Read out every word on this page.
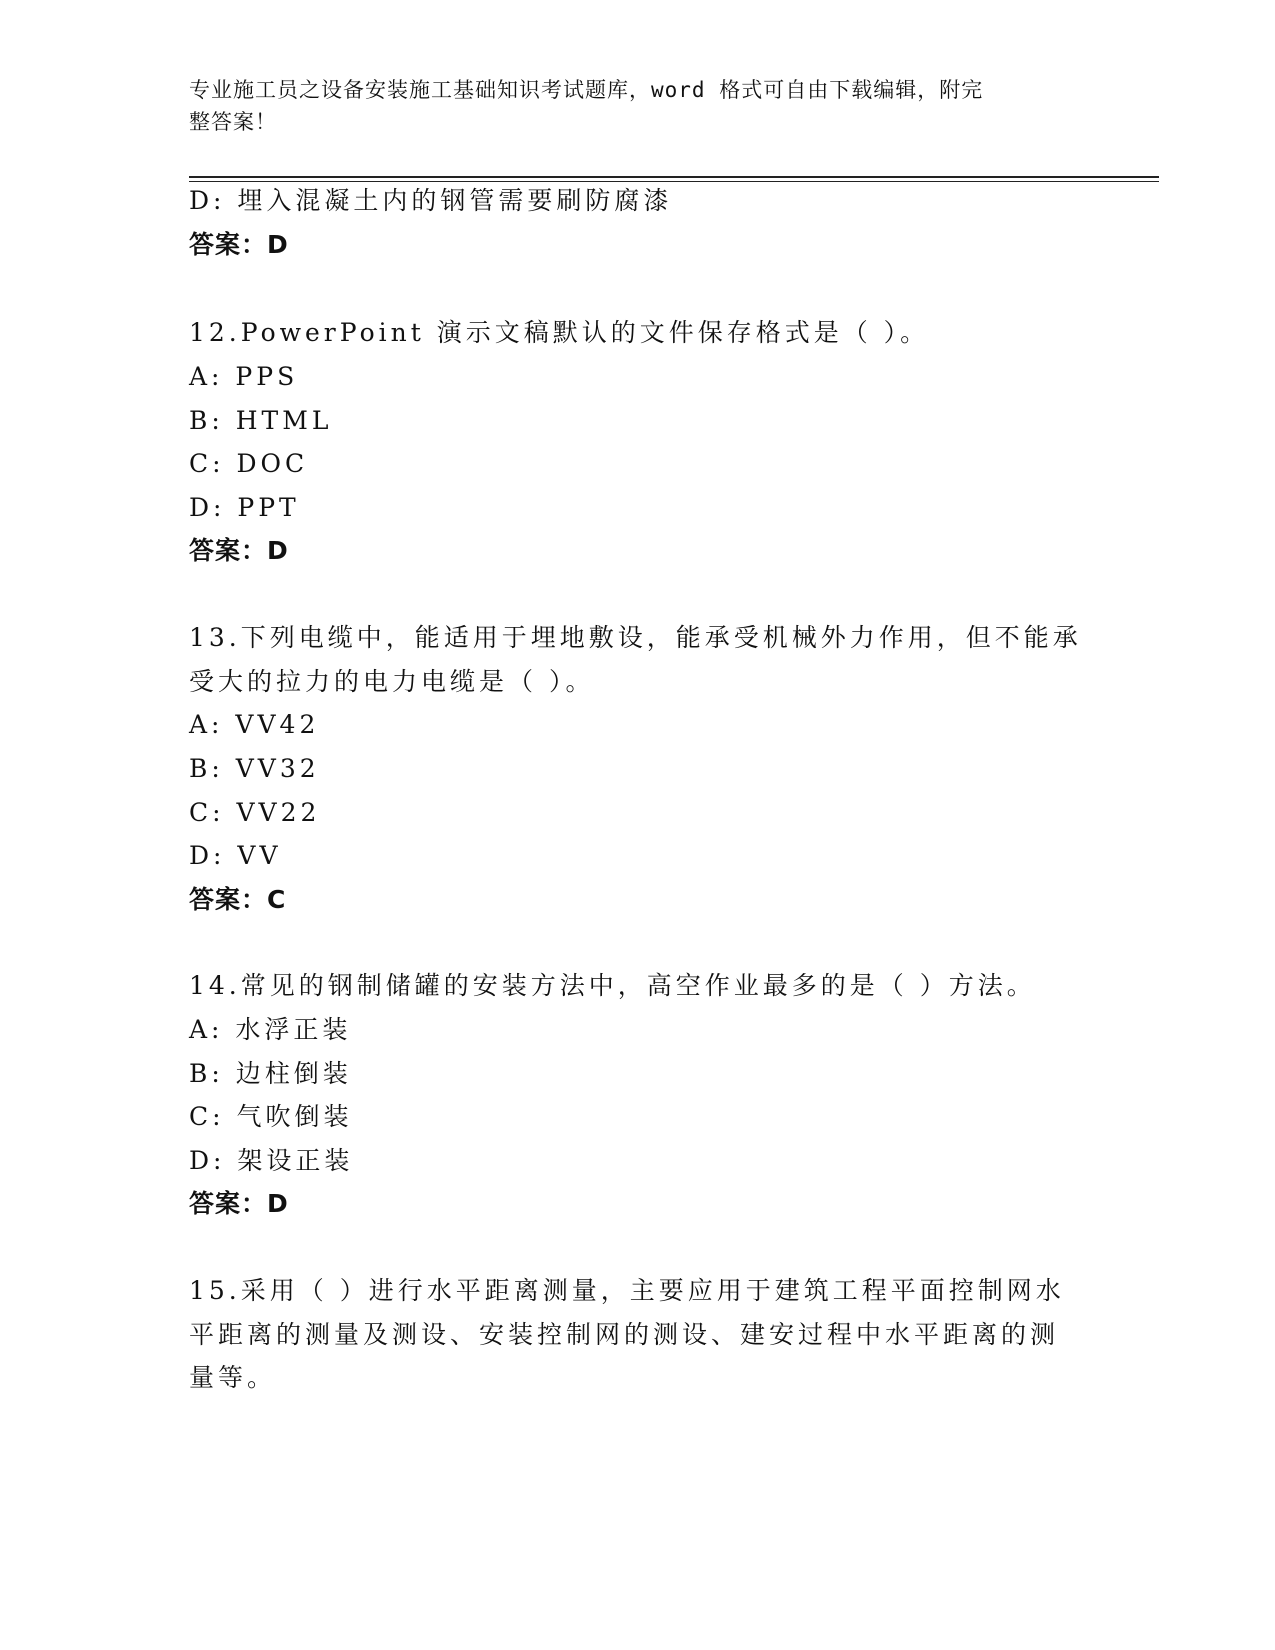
专业施工员之设备安装施工基础知识考试题库，word 格式可自由下载编辑，附完
整答案！
D: 埋入混凝土内的钢管需要刷防腐漆
答案：D
12.PowerPoint 演示文稿默认的文件保存格式是（ ）。
A: PPS
B: HTML
C: DOC
D: PPT
答案：D
13.下列电缆中，能适用于埋地敷设，能承受机械外力作用，但不能承
受大的拉力的电力电缆是（ ）。
A: VV42
B: VV32
C: VV22
D: VV
答案：C
14.常见的钢制储罐的安装方法中，高空作业最多的是（ ）方法。
A: 水浮正装
B: 边柱倒装
C: 气吹倒装
D: 架设正装
答案：D
15.采用（ ）进行水平距离测量，主要应用于建筑工程平面控制网水
平距离的测量及测设、安装控制网的测设、建安过程中水平距离的测
量等。
